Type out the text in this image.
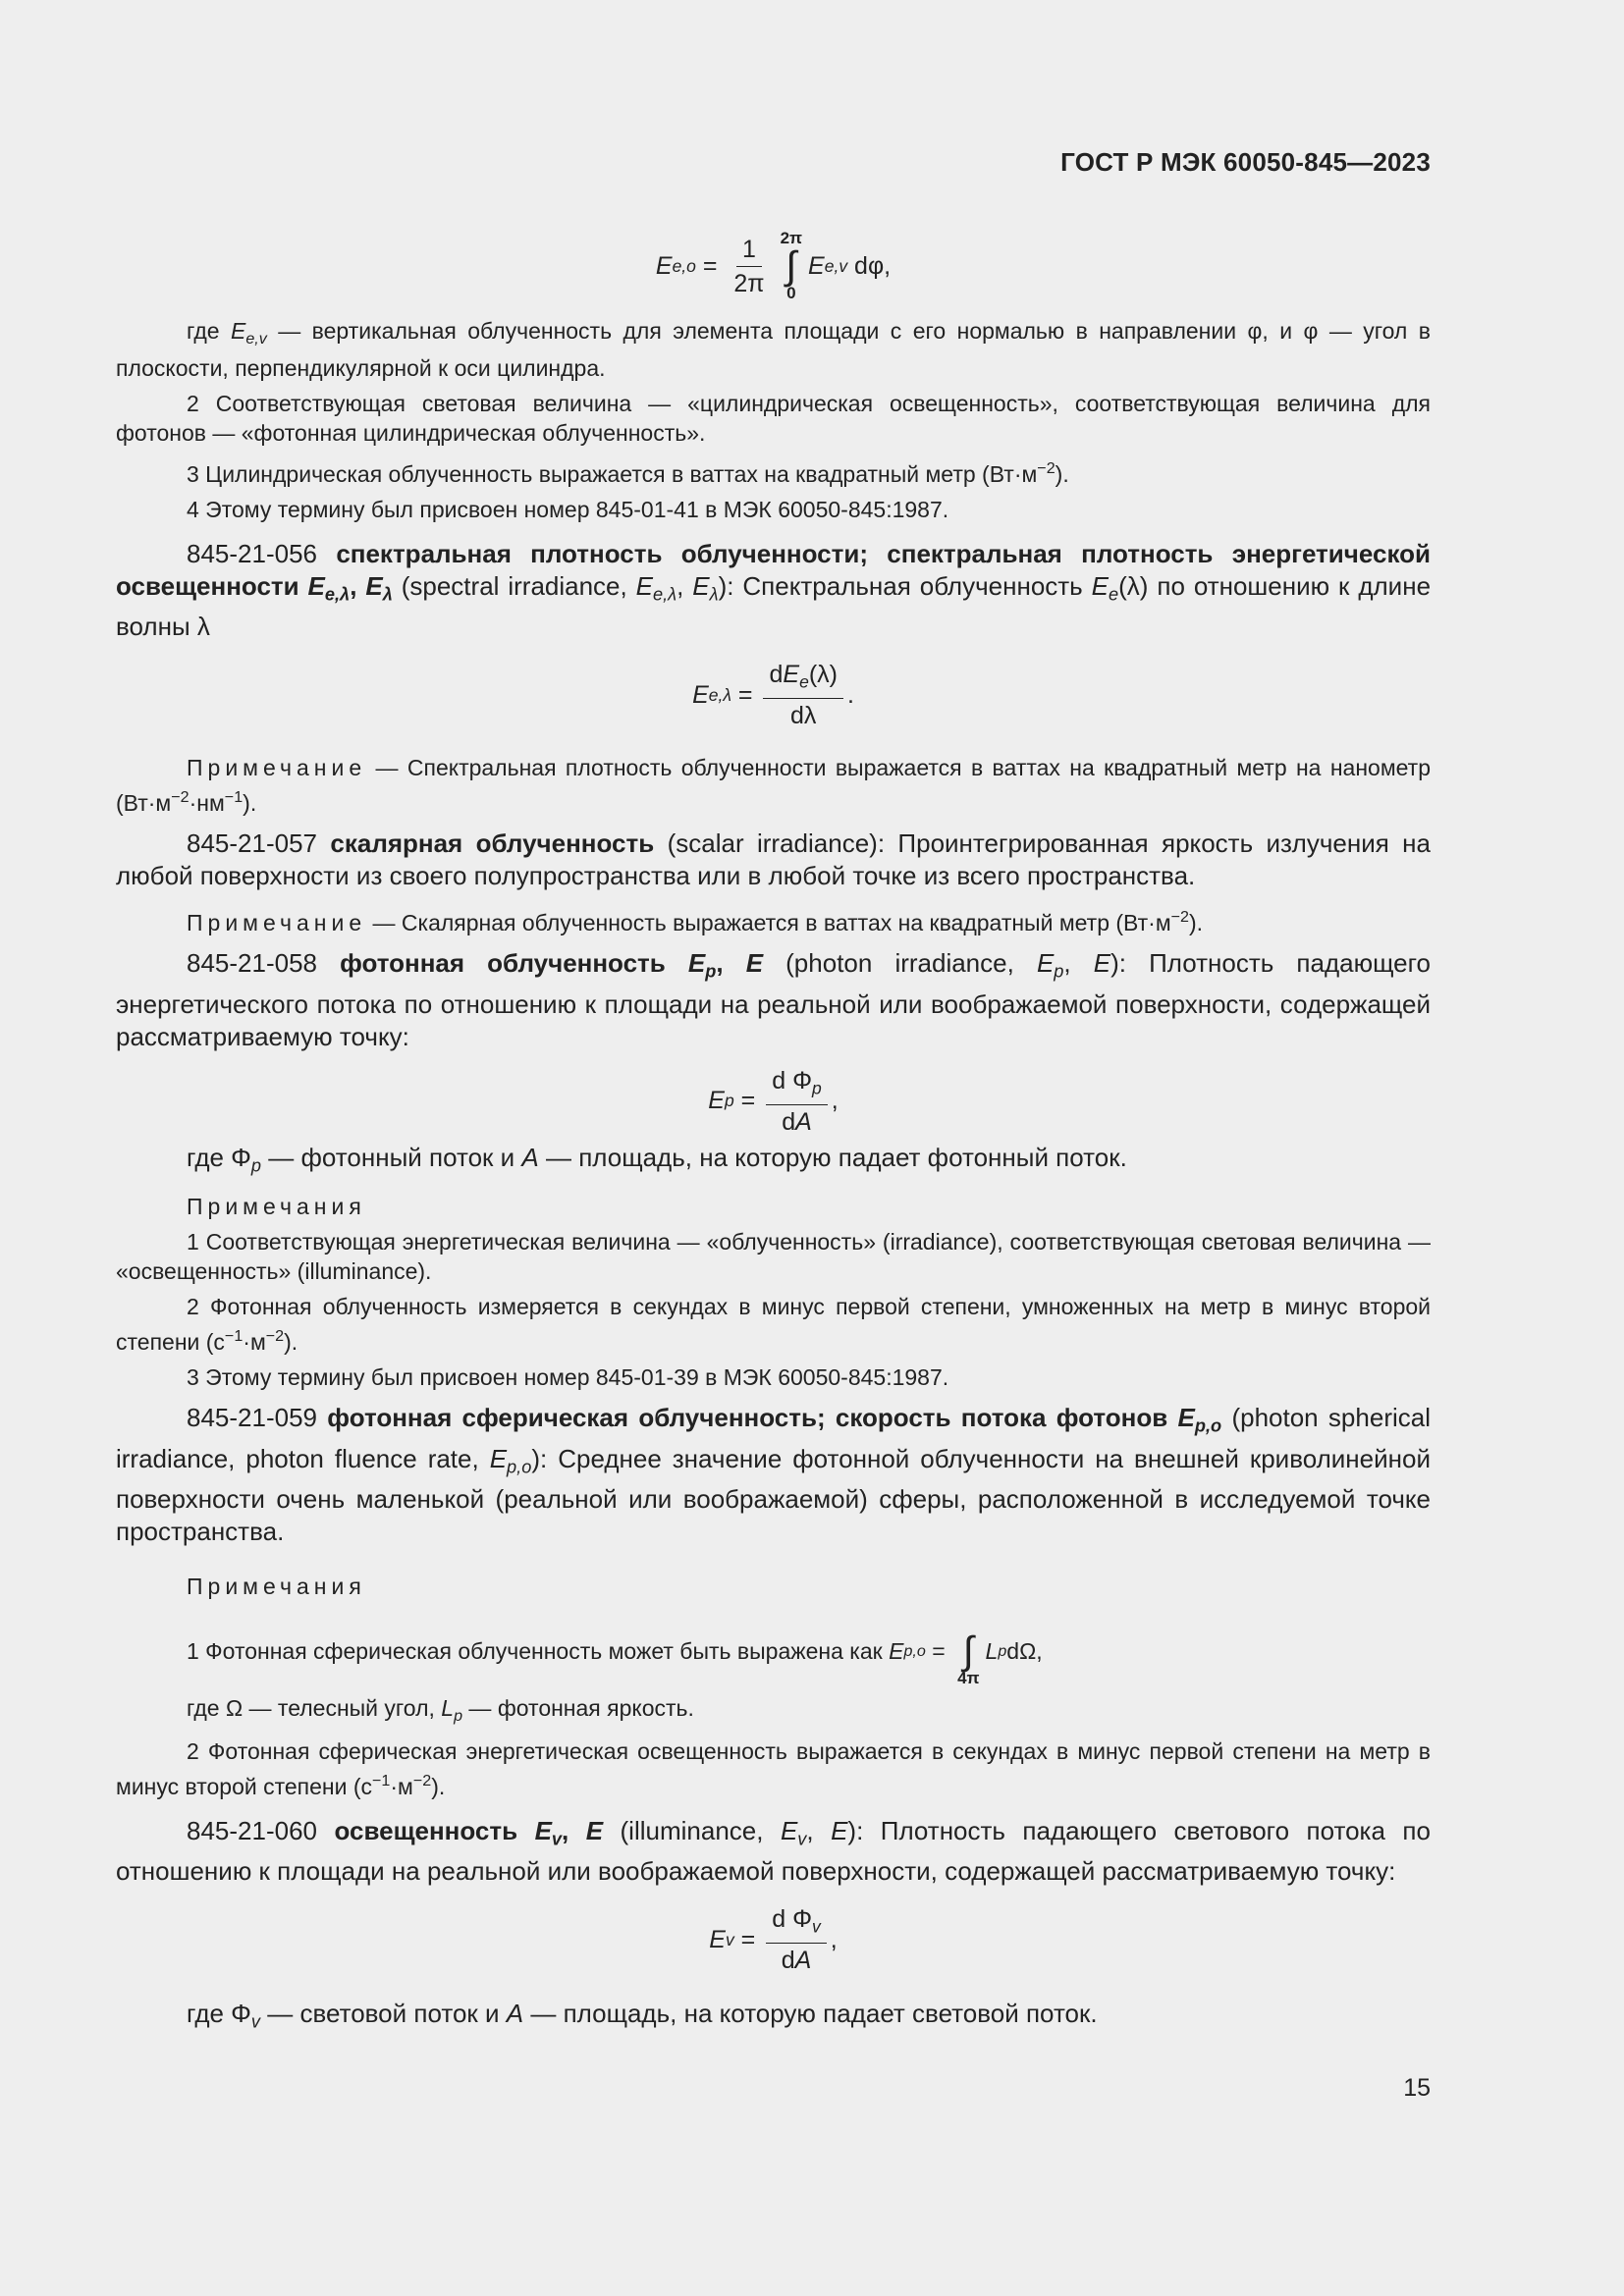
ГОСТ Р МЭК 60050-845—2023
E $e,o = \frac{1}{2\pi} 2\pi$
∫
0
E e,v dφ,

где $E_{e,v}$ — вертикальная облученность для элемента площади с его нормалью в направлении φ, и φ — угол в плоскости, перпендикулярной к оси цилиндра.

2 Соответствующая световая величина — «цилиндрическая освещенность», соответствующая величина для фотонов — «фотонная цилиндрическая облученность».

3 Цилиндрическая облученность выражается в ваттах на квадратный метр $(Вт\cdot м^{-2})$.

4 Этому термину был присвоен номер 845-01-41 в МЭК 60050-845:1987.

845-21-056 спектральная плотность облученности; спектральная плотность энергетической освещенности $E_{e,\lambda}$, $E_\lambda$ (spectral irradiance, $E_{e,\lambda}$, $E_\lambda$): Спектральная облученность $E_e(\lambda)$ по отношению к длине волны λ

E $e,\lambda = \frac{dE_e(\lambda)}{d\lambda}$ .

Примечание — Спектральная плотность облученности выражается в ваттах на квадратный метр на нанометр $(Вт\cdot м^{-2}\cdot нм^{-1})$.

845-21-057 скалярная облученность (scalar irradiance): Проинтегрированная яркость излучения на любой поверхности из своего полупространства или в любой точке из всего пространства.

Примечание — Скалярная облученность выражается в ваттах на квадратный метр $(Вт\cdot м^{-2})$.

845-21-058 фотонная облученность $E_p$, E (photon irradiance, $E_p$, E): Плотность падающего энергетического потока по отношению к площади на реальной или воображаемой поверхности, содержащей рассматриваемую точку:

E $p = \frac{d \Phi_p}{dA}$ ,

где $\Phi_p$ — фотонный поток и A — площадь, на которую падает фотонный поток.

Примечания

1 Соответствующая энергетическая величина — «облученность» (irradiance), соответствующая световая величина — «освещенность» (illuminance).

2 Фотонная облученность измеряется в секундах в минус первой степени, умноженных на метр в минус второй степени $(с^{-1}\cdot м^{-2})$.

3 Этому термину был присвоен номер 845-01-39 в МЭК 60050-845:1987.

845-21-059 фотонная сферическая облученность; скорость потока фотонов $E_{p,o}$ (photon spherical irradiance, photon fluence rate, $E_{p,o}$): Среднее значение фотонной облученности на внешней криволинейной поверхности очень маленькой (реальной или воображаемой) сферы, расположенной в исследуемой точке пространства.

Примечания

1 Фотонная сферическая облученность может быть выражена как E p,o =
∫
4π
L p dΩ,

где Ω — телесный угол, $L_p$ — фотонная яркость.

2 Фотонная сферическая энергетическая освещенность выражается в секундах в минус первой степени на метр в минус второй степени $(с^{-1}\cdot м^{-2})$.

845-21-060 освещенность $E_v$, E (illuminance, $E_v$, E): Плотность падающего светового потока по отношению к площади на реальной или воображаемой поверхности, содержащей рассматриваемую точку:

E $v = \frac{d \Phi_v}{dA}$ ,

где $\Phi_v$ — световой поток и A — площадь, на которую падает световой поток.

15
